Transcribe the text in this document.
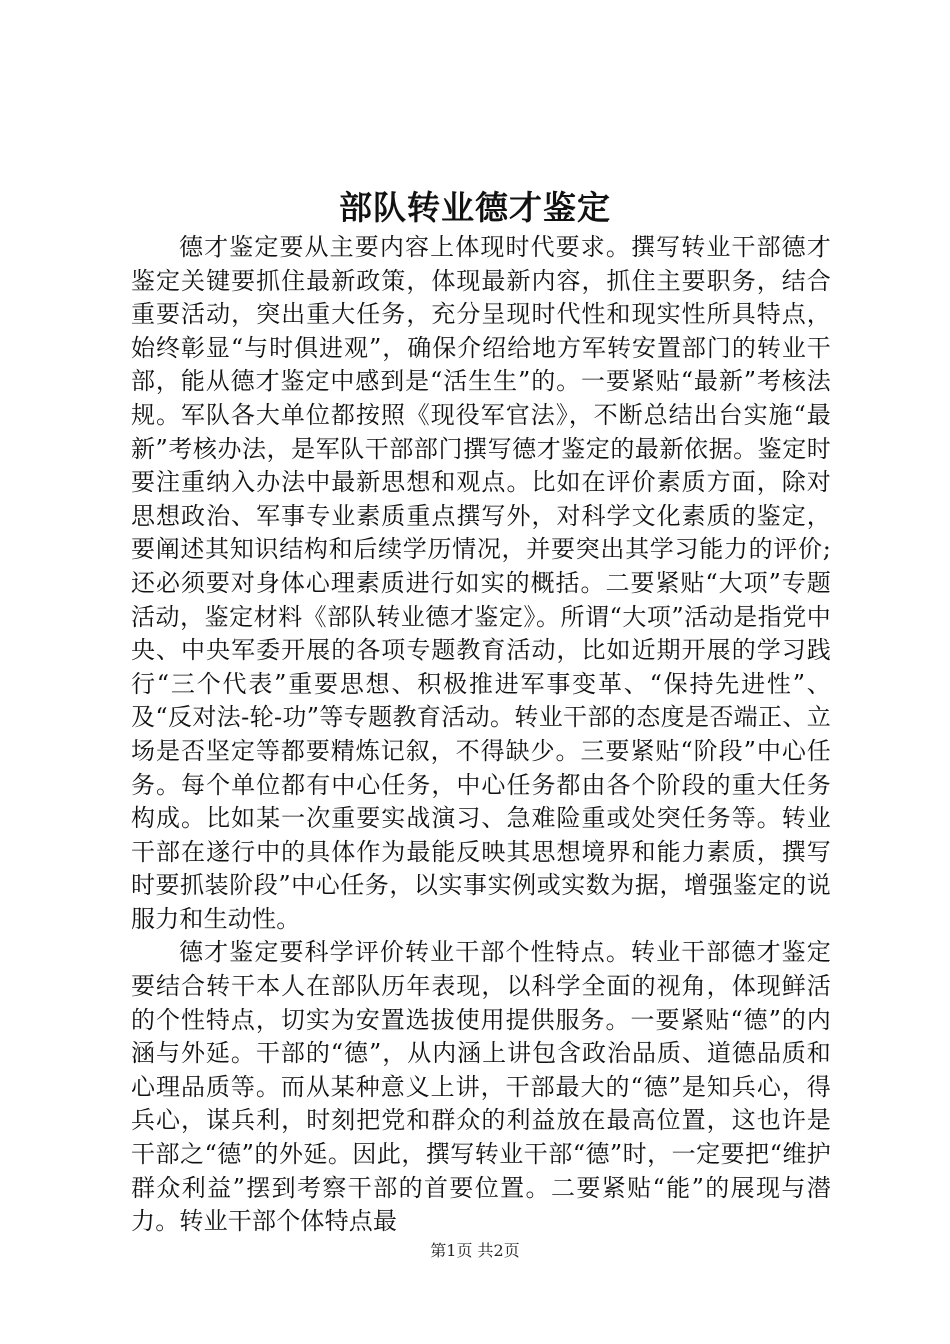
部队转业德才鉴定

德才鉴定要从主要内容上体现时代要求。撰写转业干部德才鉴定关键要抓住最新政策，体现最新内容，抓住主要职务，结合重要活动，突出重大任务，充分呈现时代性和现实性所具特点，始终彰显“与时俱进观”，确保介绍给地方军转安置部门的转业干部，能从德才鉴定中感到是“活生生”的。一要紧贴“最新”考核法规。军队各大单位都按照《现役军官法》，不断总结出台实施“最新”考核办法，是军队干部部门撰写德才鉴定的最新依据。鉴定时要注重纳入办法中最新思想和观点。比如在评价素质方面，除对思想政治、军事专业素质重点撰写外，对科学文化素质的鉴定，要阐述其知识结构和后续学历情况，并要突出其学习能力的评价;还必须要对身体心理素质进行如实的概括。二要紧贴“大项”专题活动，鉴定材料《部队转业德才鉴定》。所谓“大项”活动是指党中央、中央军委开展的各项专题教育活动，比如近期开展的学习践行“三个代表”重要思想、积极推进军事变革、“保持先进性”、及“反对法-轮-功”等专题教育活动。转业干部的态度是否端正、立场是否坚定等都要精炼记叙，不得缺少。三要紧贴“阶段”中心任务。每个单位都有中心任务，中心任务都由各个阶段的重大任务构成。比如某一次重要实战演习、急难险重或处突任务等。转业干部在遂行中的具体作为最能反映其思想境界和能力素质，撰写时要抓装阶段”中心任务，以实事实例或实数为据，增强鉴定的说服力和生动性。

德才鉴定要科学评价转业干部个性特点。转业干部德才鉴定要结合转干本人在部队历年表现，以科学全面的视角，体现鲜活的个性特点，切实为安置选拔使用提供服务。一要紧贴“德”的内涵与外延。干部的“德”，从内涵上讲包含政治品质、道德品质和心理品质等。而从某种意义上讲，干部最大的“德”是知兵心，得兵心，谋兵利，时刻把党和群众的利益放在最高位置，这也许是干部之“德”的外延。因此，撰写转业干部“德”时，一定要把“维护群众利益”摆到考察干部的首要位置。二要紧贴“能”的展现与潜力。转业干部个体特点最

第1页 共2页
